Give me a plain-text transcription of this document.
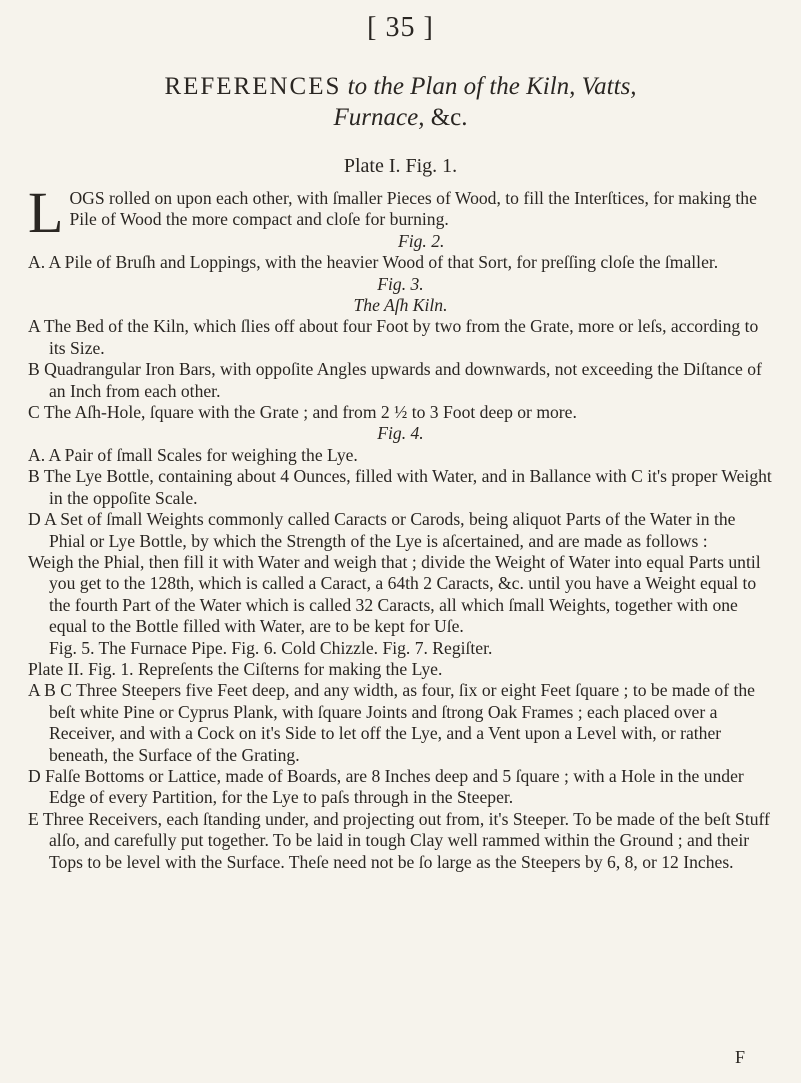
[ 35 ]
REFERENCES to the Plan of the Kiln, Vatts,
Furnace, &c.
Plate I. Fig. 1.

LOGS rolled on upon each other, with ſmaller Pieces of Wood, to fill the Interſtices, for making the Pile of Wood the more compact and cloſe for burning.

Fig. 2.

A. A Pile of Bruſh and Loppings, with the heavier Wood of that Sort, for preſſing cloſe the ſmaller.

Fig. 3.

The Aſh Kiln.

A The Bed of the Kiln, which ſlies off about four Foot by two from the Grate, more or leſs, according to its Size.

B Quadrangular Iron Bars, with oppoſite Angles upwards and downwards, not exceeding the Diſtance of an Inch from each other.

C The Aſh-Hole, ſquare with the Grate ; and from 2 ½ to 3 Foot deep or more.

Fig. 4.

A. A Pair of ſmall Scales for weighing the Lye.

B The Lye Bottle, containing about 4 Ounces, filled with Water, and in Ballance with C it's proper Weight in the oppoſite Scale.

D A Set of ſmall Weights commonly called Caracts or Carods, being aliquot Parts of the Water in the Phial or Lye Bottle, by which the Strength of the Lye is aſcertained, and are made as follows :

Weigh the Phial, then fill it with Water and weigh that ; divide the Weight of Water into equal Parts until you get to the 128th, which is called a Caract, a 64th 2 Caracts, &c. until you have a Weight equal to the fourth Part of the Water which is called 32 Caracts, all which ſmall Weights, together with one equal to the Bottle filled with Water, are to be kept for Uſe.

Fig. 5. The Furnace Pipe. Fig. 6. Cold Chizzle. Fig. 7. Regiſter.

Plate II. Fig. 1. Repreſents the Ciſterns for making the Lye.

A B C Three Steepers five Feet deep, and any width, as four, ſix or eight Feet ſquare ; to be made of the beſt white Pine or Cyprus Plank, with ſquare Joints and ſtrong Oak Frames ; each placed over a Receiver, and with a Cock on it's Side to let off the Lye, and a Vent upon a Level with, or rather beneath, the Surface of the Grating.

D Falſe Bottoms or Lattice, made of Boards, are 8 Inches deep and 5 ſquare ; with a Hole in the under Edge of every Partition, for the Lye to paſs through in the Steeper.

E Three Receivers, each ſtanding under, and projecting out from, it's Steeper. To be made of the beſt Stuff alſo, and carefully put together. To be laid in tough Clay well rammed within the Ground ; and their Tops to be level with the Surface. Theſe need not be ſo large as the Steepers by 6, 8, or 12 Inches.

F
